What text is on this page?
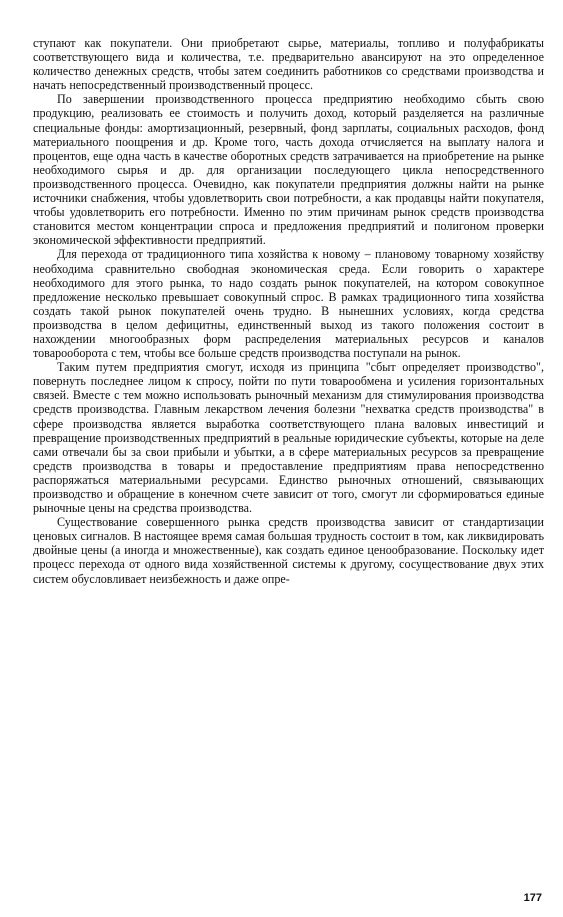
ступают как покупатели. Они приобретают сырье, материалы, топливо и полуфабрикаты соответствующего вида и количества, т.е. предварительно авансируют на это определенное количество денежных средств, чтобы затем соединить работников со средствами производства и начать непосредственный производственный процесс.

По завершении производственного процесса предприятию необходимо сбыть свою продукцию, реализовать ее стоимость и получить доход, который разделяется на различные специальные фонды: амортизационный, резервный, фонд зарплаты, социальных расходов, фонд материального поощрения и др. Кроме того, часть дохода отчисляется на выплату налога и процентов, еще одна часть в качестве оборотных средств затрачивается на приобретение на рынке необходимого сырья и др. для организации последующего цикла непосредственного производственного процесса. Очевидно, как покупатели предприятия должны найти на рынке источники снабжения, чтобы удовлетворить свои потребности, а как продавцы найти покупателя, чтобы удовлетворить его потребности. Именно по этим причинам рынок средств производства становится местом концентрации спроса и предложения предприятий и полигоном проверки экономической эффективности предприятий.

Для перехода от традиционного типа хозяйства к новому – плановому товарному хозяйству необходима сравнительно свободная экономическая среда. Если говорить о характере необходимого для этого рынка, то надо создать рынок покупателей, на котором совокупное предложение несколько превышает совокупный спрос. В рамках традиционного типа хозяйства создать такой рынок покупателей очень трудно. В нынешних условиях, когда средства производства в целом дефицитны, единственный выход из такого положения состоит в нахождении многообразных форм распределения материальных ресурсов и каналов товарооборота с тем, чтобы все больше средств производства поступали на рынок.

Таким путем предприятия смогут, исходя из принципа "сбыт определяет производство", повернуть последнее лицом к спросу, пойти по пути товарообмена и усиления горизонтальных связей. Вместе с тем можно использовать рыночный механизм для стимулирования производства средств производства. Главным лекарством лечения болезни "нехватка средств производства" в сфере производства является выработка соответствующего плана валовых инвестиций и превращение производственных предприятий в реальные юридические субъекты, которые на деле сами отвечали бы за свои прибыли и убытки, а в сфере материальных ресурсов за превращение средств производства в товары и предоставление предприятиям права непосредственно распоряжаться материальными ресурсами. Единство рыночных отношений, связывающих производство и обращение в конечном счете зависит от того, смогут ли сформироваться единые рыночные цены на средства производства.

Существование совершенного рынка средств производства зависит от стандартизации ценовых сигналов. В настоящее время самая большая трудность состоит в том, как ликвидировать двойные цены (а иногда и множественные), как создать единое ценообразование. Поскольку идет процесс перехода от одного вида хозяйственной системы к другому, сосуществование двух этих систем обусловливает неизбежность и даже опре-

177
